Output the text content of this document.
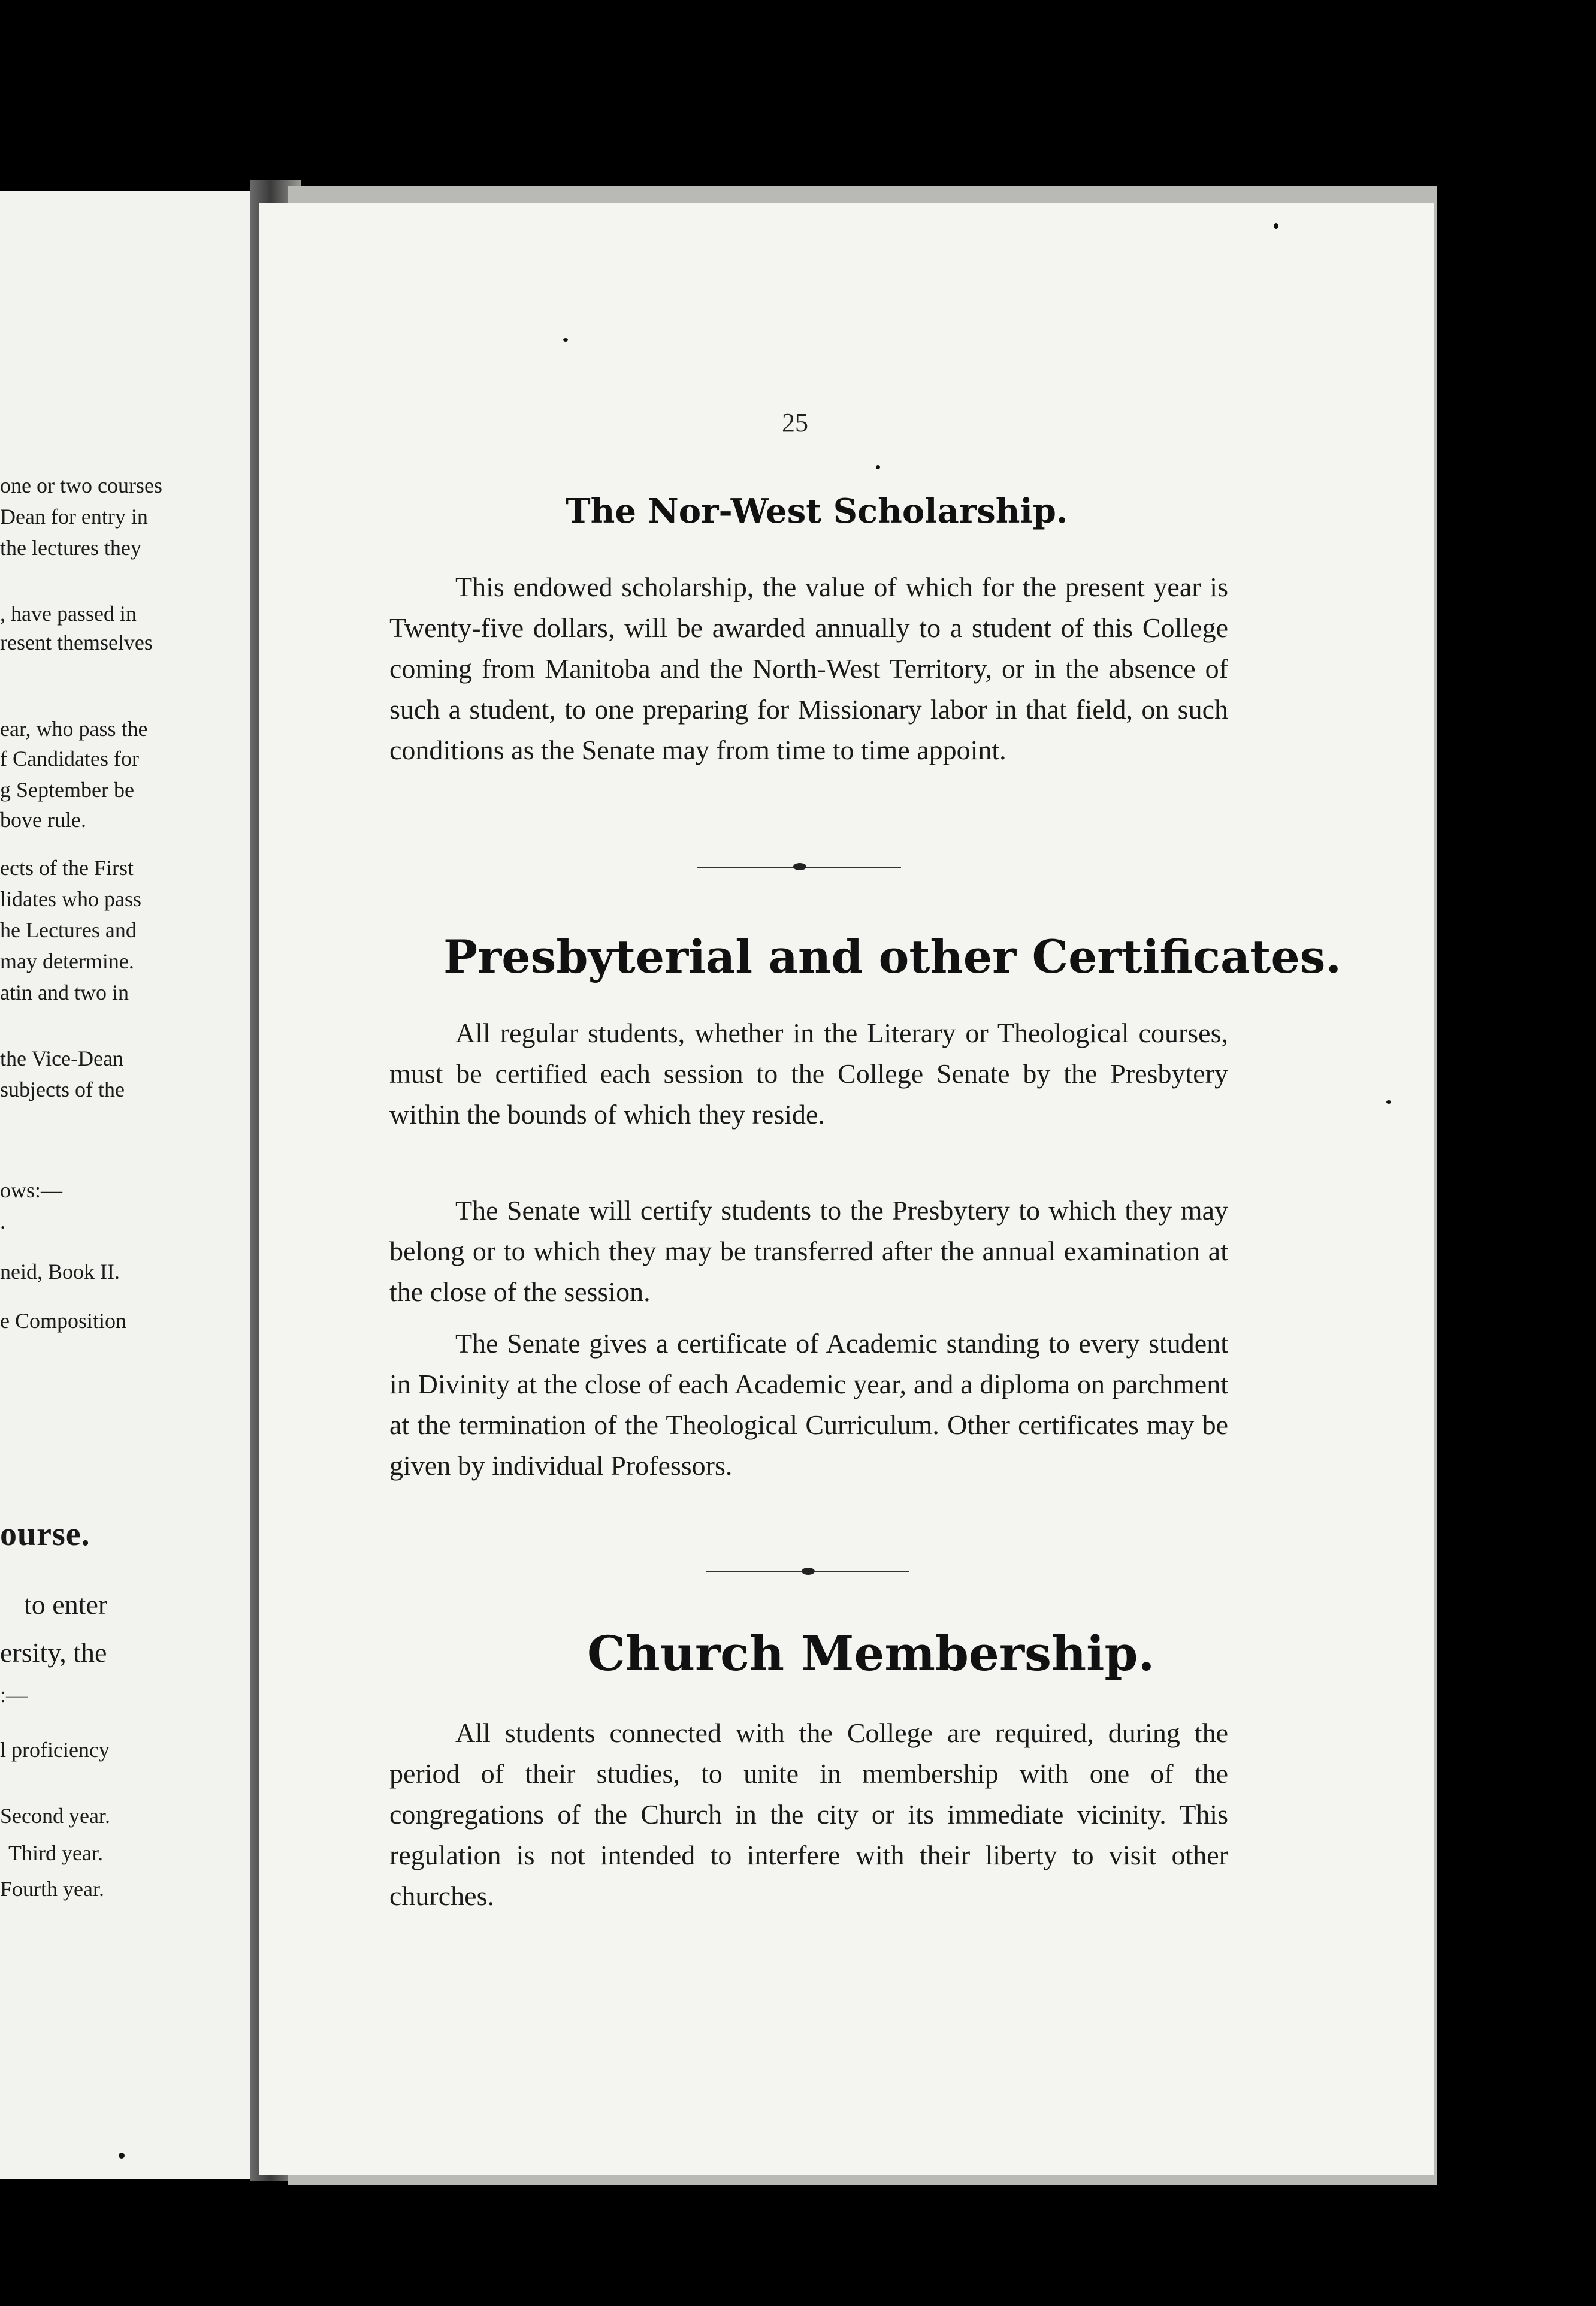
one or two courses
Dean for entry in
the lectures they
, have passed in
resent themselves
ear, who pass the
f Candidates for
g September be
bove rule.
ects of the First
lidates who pass
he Lectures and
may determine.
atin and two in
the Vice-Dean
subjects of the
ows:—
.
neid, Book II.
e Composition
ourse.
to enter
ersity, the
:—
l proficiency
Second year.
Third year.
Fourth year.
25
The Nor-West Scholarship.
This endowed scholarship, the value of which for the present year is Twenty-five dollars, will be awarded annually to a student of this College coming from Manitoba and the North-West Territory, or in the absence of such a student, to one preparing for Missionary labor in that field, on such conditions as the Senate may from time to time appoint.
Presbyterial and other Certificates.
All regular students, whether in the Literary or Theological courses, must be certified each session to the College Senate by the Presbytery within the bounds of which they reside.
The Senate will certify students to the Presbytery to which they may belong or to which they may be transferred after the annual examination at the close of the session.
The Senate gives a certificate of Academic standing to every student in Divinity at the close of each Academic year, and a diploma on parchment at the termination of the Theological Curriculum. Other certificates may be given by individual Professors.
Church Membership.
All students connected with the College are required, during the period of their studies, to unite in membership with one of the congregations of the Church in the city or its immediate vicinity. This regulation is not intended to interfere with their liberty to visit other churches.
